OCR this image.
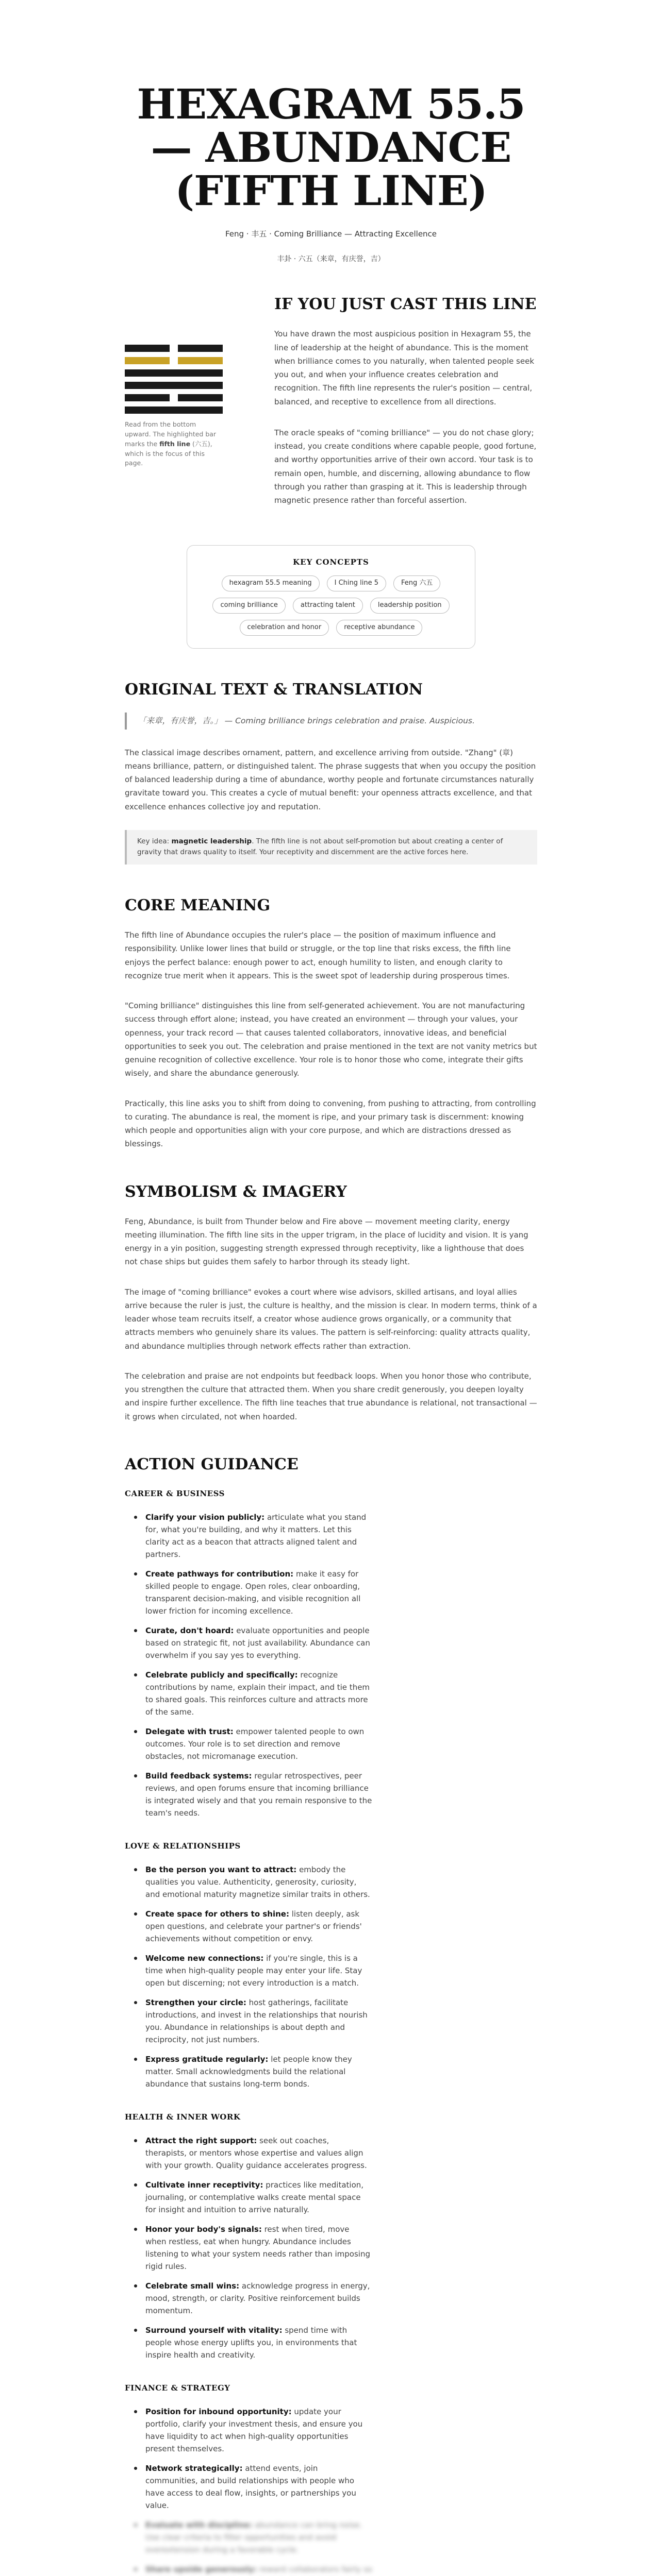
HEXAGRAM 55.5 — ABUNDANCE (FIFTH LINE)
Feng · 丰五 · Coming Brilliance — Attracting Excellence
丰卦 · 六五（来章，有庆誉，吉）
Read from the bottom upward. The highlighted bar marks the fifth line (六五), which is the focus of this page.
IF YOU JUST CAST THIS LINE

You have drawn the most auspicious position in Hexagram 55, the line of leadership at the height of abundance. This is the moment when brilliance comes to you naturally, when talented people seek you out, and when your influence creates celebration and recognition. The fifth line represents the ruler's position — central, balanced, and receptive to excellence from all directions.

The oracle speaks of "coming brilliance" — you do not chase glory; instead, you create conditions where capable people, good fortune, and worthy opportunities arrive of their own accord. Your task is to remain open, humble, and discerning, allowing abundance to flow through you rather than grasping at it. This is leadership through magnetic presence rather than forceful assertion.

KEY CONCEPTS
hexagram 55.5 meaning	I Ching line 5	Feng 六五
coming brilliance	attracting talent	leadership position
celebration and honor	receptive abundance
ORIGINAL TEXT & TRANSLATION
「来章，有庆誉，吉。」 — Coming brilliance brings celebration and praise. Auspicious.

The classical image describes ornament, pattern, and excellence arriving from outside. "Zhang" (章) means brilliance, pattern, or distinguished talent. The phrase suggests that when you occupy the position of balanced leadership during a time of abundance, worthy people and fortunate circumstances naturally gravitate toward you. This creates a cycle of mutual benefit: your openness attracts excellence, and that excellence enhances collective joy and reputation.

Key idea: magnetic leadership. The fifth line is not about self-promotion but about creating a center of gravity that draws quality to itself. Your receptivity and discernment are the active forces here.
CORE MEANING

The fifth line of Abundance occupies the ruler's place — the position of maximum influence and responsibility. Unlike lower lines that build or struggle, or the top line that risks excess, the fifth line enjoys the perfect balance: enough power to act, enough humility to listen, and enough clarity to recognize true merit when it appears. This is the sweet spot of leadership during prosperous times.

"Coming brilliance" distinguishes this line from self-generated achievement. You are not manufacturing success through effort alone; instead, you have created an environment — through your values, your openness, your track record — that causes talented collaborators, innovative ideas, and beneficial opportunities to seek you out. The celebration and praise mentioned in the text are not vanity metrics but genuine recognition of collective excellence. Your role is to honor those who come, integrate their gifts wisely, and share the abundance generously.

Practically, this line asks you to shift from doing to convening, from pushing to attracting, from controlling to curating. The abundance is real, the moment is ripe, and your primary task is discernment: knowing which people and opportunities align with your core purpose, and which are distractions dressed as blessings.

SYMBOLISM & IMAGERY

Feng, Abundance, is built from Thunder below and Fire above — movement meeting clarity, energy meeting illumination. The fifth line sits in the upper trigram, in the place of lucidity and vision. It is yang energy in a yin position, suggesting strength expressed through receptivity, like a lighthouse that does not chase ships but guides them safely to harbor through its steady light.

The image of "coming brilliance" evokes a court where wise advisors, skilled artisans, and loyal allies arrive because the ruler is just, the culture is healthy, and the mission is clear. In modern terms, think of a leader whose team recruits itself, a creator whose audience grows organically, or a community that attracts members who genuinely share its values. The pattern is self-reinforcing: quality attracts quality, and abundance multiplies through network effects rather than extraction.

The celebration and praise are not endpoints but feedback loops. When you honor those who contribute, you strengthen the culture that attracted them. When you share credit generously, you deepen loyalty and inspire further excellence. The fifth line teaches that true abundance is relational, not transactional — it grows when circulated, not when hoarded.

ACTION GUIDANCE
CAREER & BUSINESS
Clarify your vision publicly: articulate what you stand for, what you're building, and why it matters. Let this clarity act as a beacon that attracts aligned talent and partners.
Create pathways for contribution: make it easy for skilled people to engage. Open roles, clear onboarding, transparent decision-making, and visible recognition all lower friction for incoming excellence.
Curate, don't hoard: evaluate opportunities and people based on strategic fit, not just availability. Abundance can overwhelm if you say yes to everything.
Celebrate publicly and specifically: recognize contributions by name, explain their impact, and tie them to shared goals. This reinforces culture and attracts more of the same.
Delegate with trust: empower talented people to own outcomes. Your role is to set direction and remove obstacles, not micromanage execution.
Build feedback systems: regular retrospectives, peer reviews, and open forums ensure that incoming brilliance is integrated wisely and that you remain responsive to the team's needs.
LOVE & RELATIONSHIPS
Be the person you want to attract: embody the qualities you value. Authenticity, generosity, curiosity, and emotional maturity magnetize similar traits in others.
Create space for others to shine: listen deeply, ask open questions, and celebrate your partner's or friends' achievements without competition or envy.
Welcome new connections: if you're single, this is a time when high-quality people may enter your life. Stay open but discerning; not every introduction is a match.
Strengthen your circle: host gatherings, facilitate introductions, and invest in the relationships that nourish you. Abundance in relationships is about depth and reciprocity, not just numbers.
Express gratitude regularly: let people know they matter. Small acknowledgments build the relational abundance that sustains long-term bonds.
HEALTH & INNER WORK
Attract the right support: seek out coaches, therapists, or mentors whose expertise and values align with your growth. Quality guidance accelerates progress.
Cultivate inner receptivity: practices like meditation, journaling, or contemplative walks create mental space for insight and intuition to arrive naturally.
Honor your body's signals: rest when tired, move when restless, eat when hungry. Abundance includes listening to what your system needs rather than imposing rigid rules.
Celebrate small wins: acknowledge progress in energy, mood, strength, or clarity. Positive reinforcement builds momentum.
Surround yourself with vitality: spend time with people whose energy uplifts you, in environments that inspire health and creativity.
FINANCE & STRATEGY
Position for inbound opportunity: update your portfolio, clarify your investment thesis, and ensure you have liquidity to act when high-quality opportunities present themselves.
Network strategically: attend events, join communities, and build relationships with people who have access to deal flow, insights, or partnerships you value.
Evaluate with discipline: abundance can bring noise. Use clear criteria to filter opportunities and avoid overextension during a favorable cycle.
Share upside generously: reward collaborators fairly so
